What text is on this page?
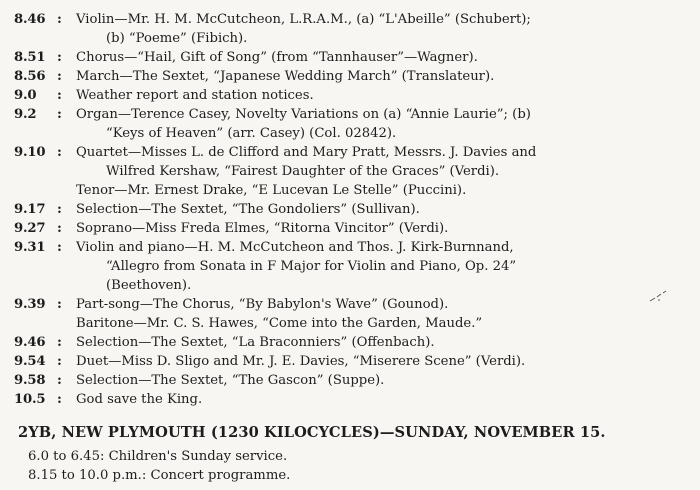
8.46 : Violin—Mr. H. M. McCutcheon, L.R.A.M., (a) “L'Abeille” (Schubert);
(b) “Poeme” (Fibich).
8.51 : Chorus—“Hail, Gift of Song” (from “Tannhauser”—Wagner).
8.56 : March—The Sextet, “Japanese Wedding March” (Translateur).
9.0 : Weather report and station notices.
9.2 : Organ—Terence Casey, Novelty Variations on (a) “Annie Laurie”; (b)
“Keys of Heaven” (arr. Casey) (Col. 02842).
9.10 : Quartet—Misses L. de Clifford and Mary Pratt, Messrs. J. Davies and
Wilfred Kershaw, “Fairest Daughter of the Graces” (Verdi).
Tenor—Mr. Ernest Drake, “E Lucevan Le Stelle” (Puccini).
9.17 : Selection—The Sextet, “The Gondoliers” (Sullivan).
9.27 : Soprano—Miss Freda Elmes, “Ritorna Vincitor” (Verdi).
9.31 : Violin and piano—H. M. McCutcheon and Thos. J. Kirk-Burnnand,
“Allegro from Sonata in F Major for Violin and Piano, Op. 24”
(Beethoven).
9.39 : Part-song—The Chorus, “By Babylon's Wave” (Gounod).
Baritone—Mr. C. S. Hawes, “Come into the Garden, Maude.”
9.46 : Selection—The Sextet, “La Braconniers” (Offenbach).
9.54 : Duet—Miss D. Sligo and Mr. J. E. Davies, “Miserere Scene” (Verdi).
9.58 : Selection—The Sextet, “The Gascon” (Suppe).
10.5 : God save the King.
2YB, NEW PLYMOUTH (1230 KILOCYCLES)—SUNDAY, NOVEMBER 15.
6.0 to 6.45: Children's Sunday service.
8.15 to 10.0 p.m.: Concert programme.
